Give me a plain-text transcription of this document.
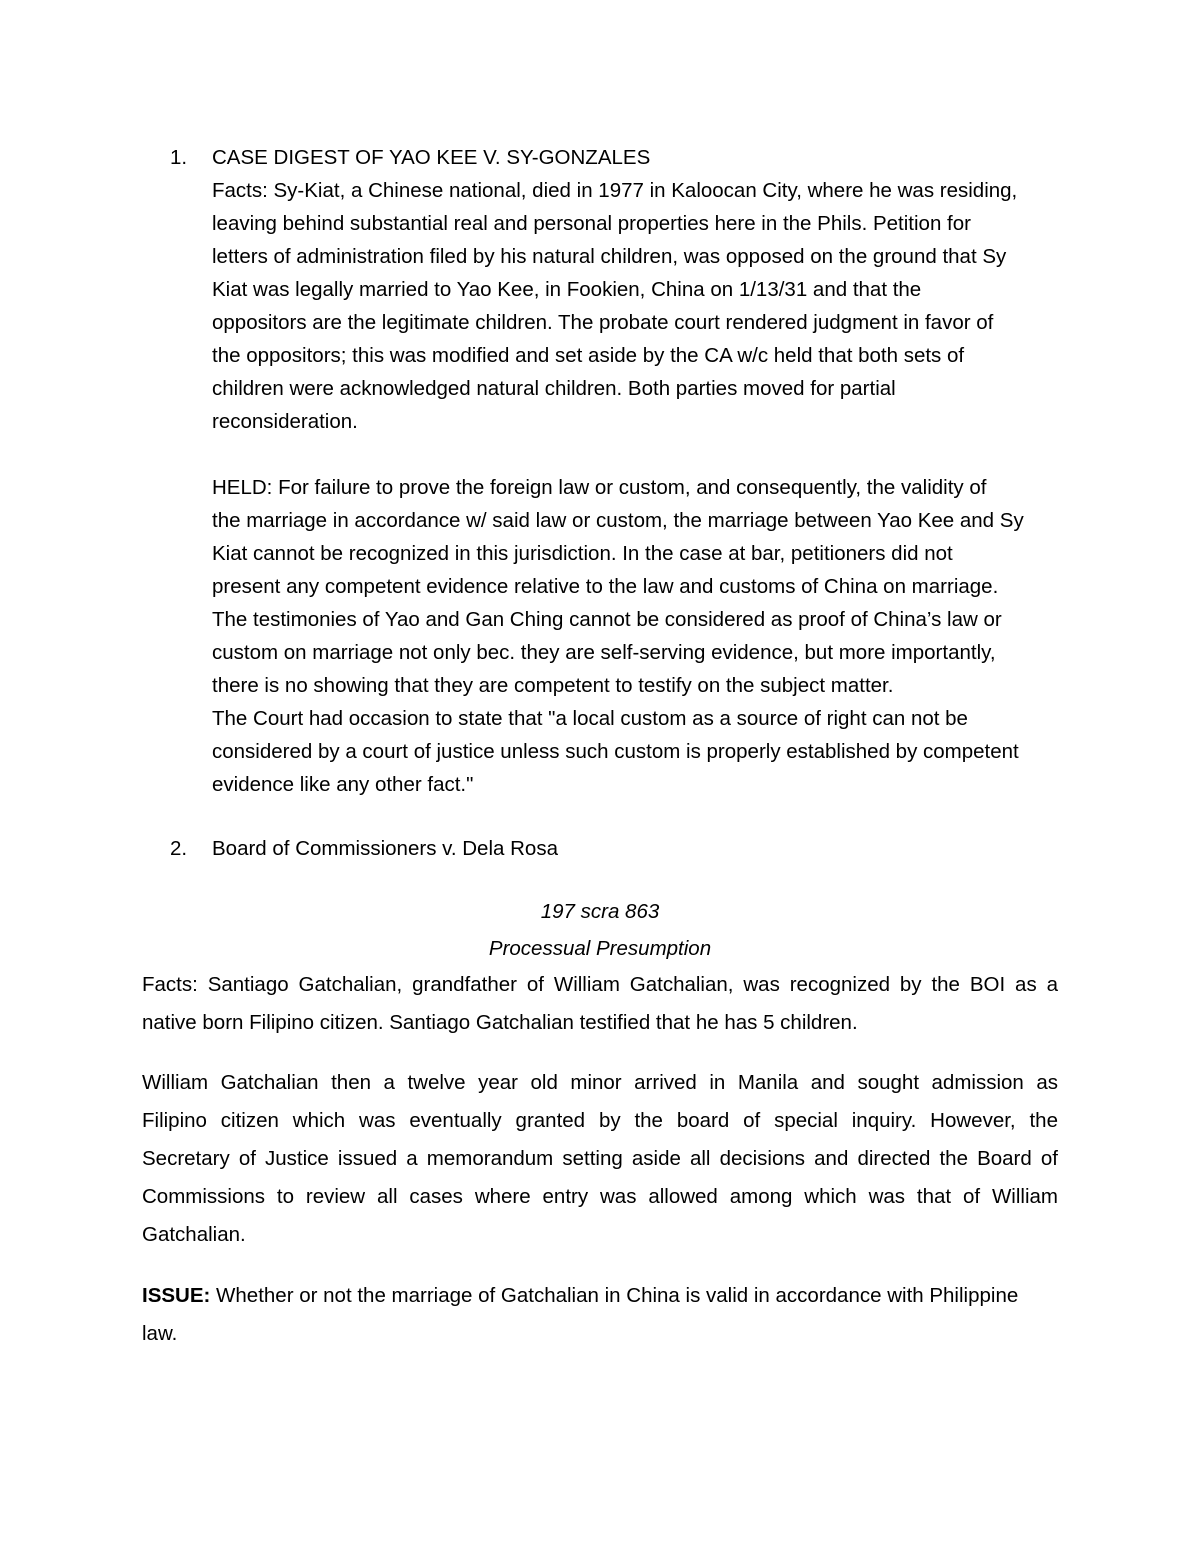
1.	CASE DIGEST OF YAO KEE V. SY-GONZALES
Facts: Sy-Kiat, a Chinese national, died in 1977 in Kaloocan City, where he was residing,
leaving behind substantial real and personal properties here in the Phils. Petition for
letters of administration filed by his natural children, was opposed on the ground that Sy
Kiat was legally married to Yao Kee, in Fookien, China on 1/13/31 and that the
oppositors are the legitimate children. The probate court rendered judgment in favor of
the oppositors; this was modified and set aside by the CA w/c held that both sets of
children were acknowledged natural children. Both parties moved for partial
reconsideration.
HELD: For failure to prove the foreign law or custom, and consequently, the validity of
the marriage in accordance w/ said law or custom, the marriage between Yao Kee and Sy
Kiat cannot be recognized in this jurisdiction. In the case at bar, petitioners did not
present any competent evidence relative to the law and customs of China on marriage.
The testimonies of Yao and Gan Ching cannot be considered as proof of China’s law or
custom on marriage not only bec. they are self-serving evidence, but more importantly,
there is no showing that they are competent to testify on the subject matter.
The Court had occasion to state that "a local custom as a source of right can not be
considered by a court of justice unless such custom is properly established by competent
evidence like any other fact."
2.	Board of Commissioners v. Dela Rosa
197 scra 863
Processual Presumption
Facts: Santiago Gatchalian, grandfather of William Gatchalian, was recognized by the BOI as a
native born Filipino citizen. Santiago Gatchalian testified that he has 5 children.
William Gatchalian then a twelve year old minor arrived in Manila and sought admission as
Filipino citizen which was eventually granted by the board of special inquiry. However, the
Secretary of Justice issued a memorandum setting aside all decisions and directed the Board of
Commissions to review all cases where entry was allowed among which was that of William
Gatchalian.
ISSUE: Whether or not the marriage of Gatchalian in China is valid in accordance with Philippine
law.
